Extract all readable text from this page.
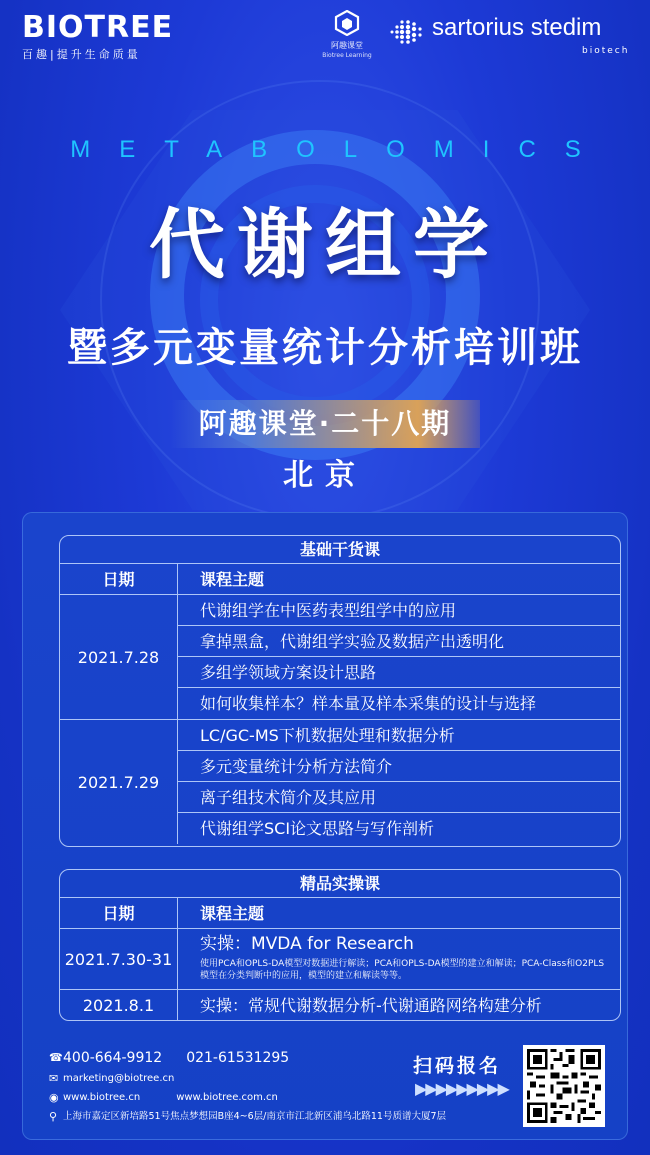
BIOTREE
百趣|提升生命质量
阿趣课堂
Biotree Learning
sartorius stedim
biotech
METABOLOMICS
代谢组学
暨多元变量统计分析培训班
阿趣课堂·二十八期
北京
基础干货课
日期	课程主题
2021.7.28
代谢组学在中医药表型组学中的应用
拿掉黑盒，代谢组学实验及数据产出透明化
多组学领域方案设计思路
如何收集样本？样本量及样本采集的设计与选择
2021.7.29
LC/GC-MS下机数据处理和数据分析
多元变量统计分析方法简介
离子组技术简介及其应用
代谢组学SCI论文思路与写作剖析
精品实操课
日期	课程主题
2021.7.30-31
实操：MVDA for Research
使用PCA和OPLS-DA模型对数据进行解读；PCA和OPLS-DA模型的建立和解读；PCA-Class和O2PLS模型在分类判断中的应用，模型的建立和解读等等。
2021.8.1	实操：常规代谢数据分析-代谢通路网络构建分析
☎ 400-664-9912 021-61531295
✉ marketing@biotree.cn
◉ www.biotree.cn	www.biotree.com.cn
⚲ 上海市嘉定区新培路51号焦点梦想园B座4~6层/南京市江北新区浦乌北路11号质谱大厦7层
扫码报名
▶▶▶▶▶▶▶▶▶
